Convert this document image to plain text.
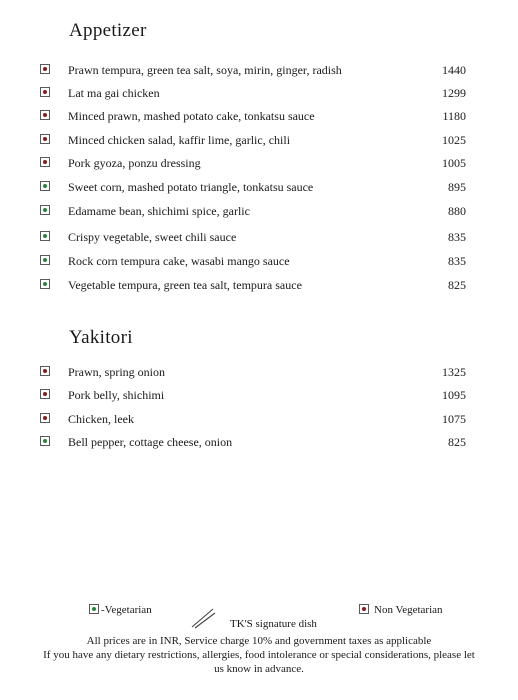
Appetizer
Prawn tempura, green tea salt, soya, mirin, ginger, radish	1440
Lat ma gai chicken	1299
Minced prawn, mashed potato cake, tonkatsu sauce	1180
Minced chicken salad, kaffir lime, garlic, chili	1025
Pork gyoza, ponzu dressing	1005
Sweet corn, mashed potato triangle, tonkatsu sauce	895
Edamame bean, shichimi spice, garlic	880
Crispy vegetable, sweet chili sauce	835
Rock corn tempura cake, wasabi mango sauce	835
Vegetable tempura, green tea salt, tempura sauce	825
Yakitori
Prawn, spring onion	1325
Pork belly, shichimi	1095
Chicken, leek	1075
Bell pepper, cottage cheese, onion	825
-Vegetarian	Non Vegetarian
TK'S signature dish
All prices are in INR, Service charge 10% and government taxes as applicable
If you have any dietary restrictions, allergies, food intolerance or special considerations, please let
us know in advance.
